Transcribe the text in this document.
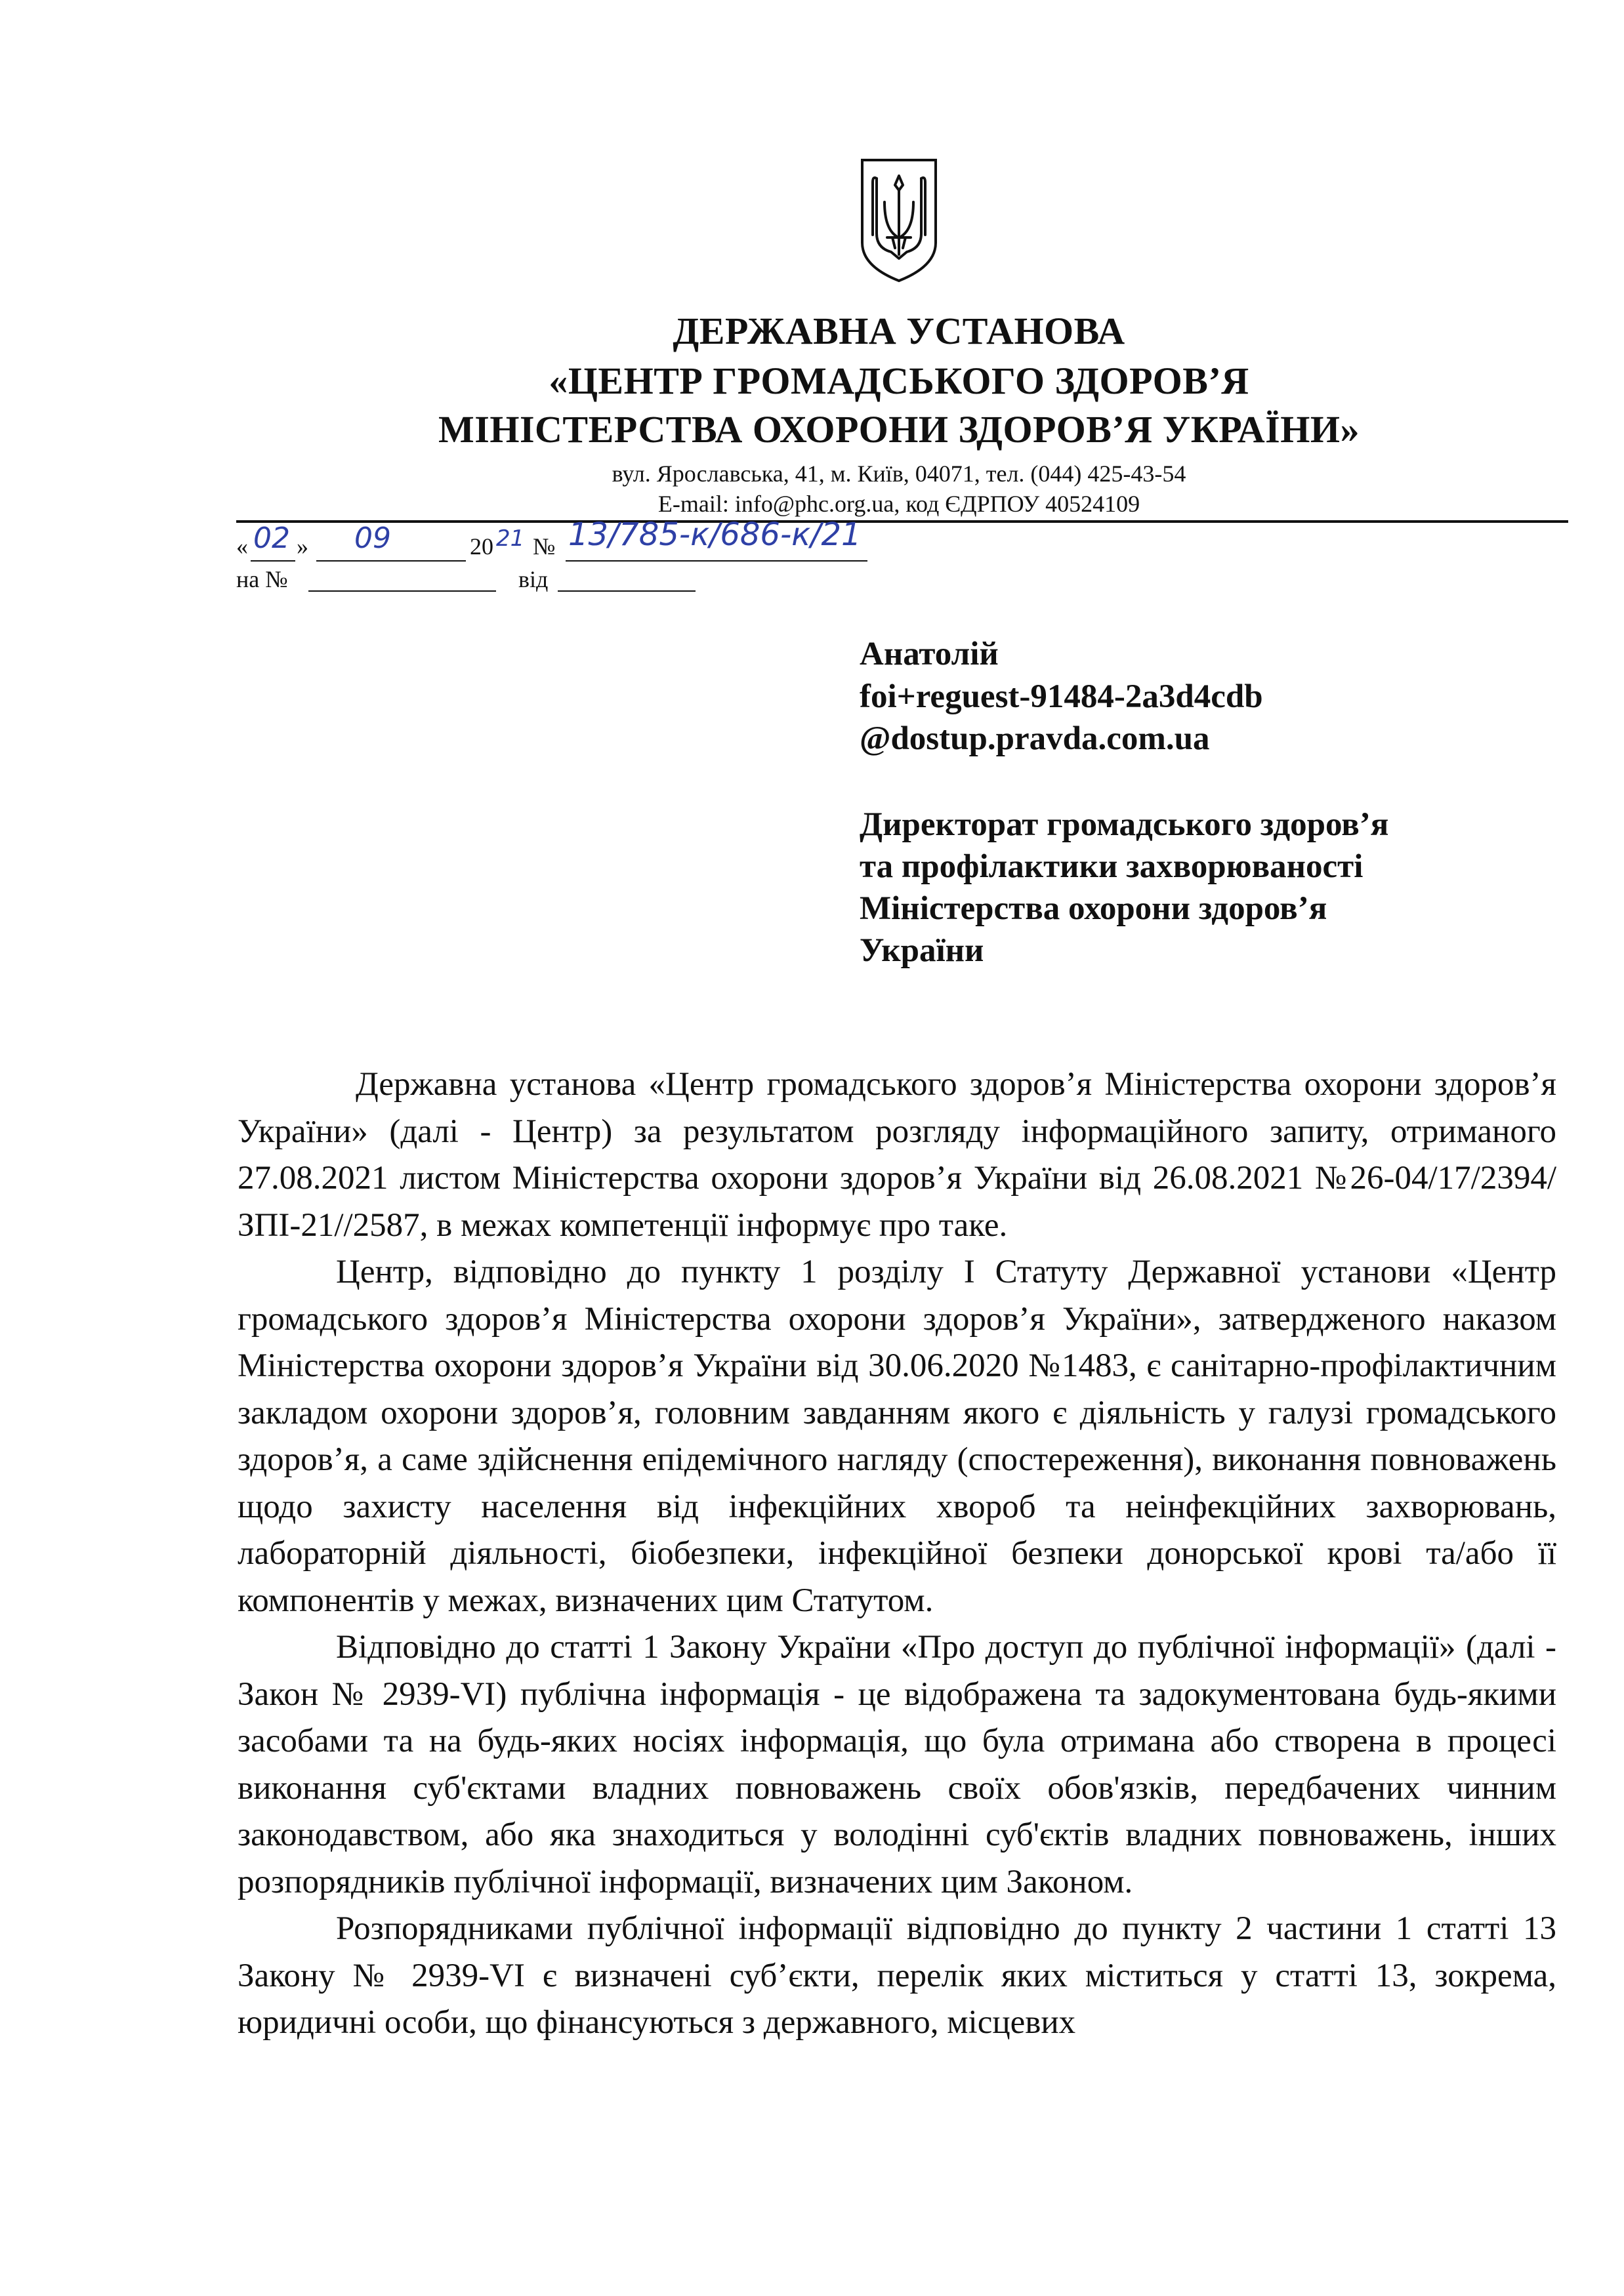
ДЕРЖАВНА УСТАНОВА
«ЦЕНТР ГРОМАДСЬКОГО ЗДОРОВ’Я
МІНІСТЕРСТВА ОХОРОНИ ЗДОРОВ’Я УКРАЇНИ»
вул. Ярославська, 41, м. Київ, 04071, тел. (044) 425-43-54
E-mail: info@phc.org.ua, код ЄДРПОУ 40524109
« 02 » 09	20 21 № 13/785-к/686-к/21
на №	від
Анатолій
foi+reguest-91484-2a3d4cdb
@dostup.pravda.com.ua
Директорат громадського здоров’я
та профілактики захворюваності
Міністерства охорони здоров’я
України

Державна установа «Центр громадського здоров’я Міністерства охорони здоров’я України» (далі - Центр) за результатом розгляду інформаційного запиту, отриманого 27.08.2021 листом Міністерства охорони здоров’я України від 26.08.2021 №26-04/17/2394/ЗПІ-21//2587, в межах компетенції інформує про таке.

Центр, відповідно до пункту 1 розділу І Статуту Державної установи «Центр громадського здоров’я Міністерства охорони здоров’я України», затвердженого наказом Міністерства охорони здоров’я України від 30.06.2020 №1483, є санітарно-профілактичним закладом охорони здоров’я, головним завданням якого є діяльність у галузі громадського здоров’я, а саме здійснення епідемічного нагляду (спостереження), виконання повноважень щодо захисту населення від інфекційних хвороб та неінфекційних захворювань, лабораторній діяльності, біобезпеки, інфекційної безпеки донорської крові та/або її компонентів у межах, визначених цим Статутом.

Відповідно до статті 1 Закону України «Про доступ до публічної інформації» (далі - Закон № 2939-VI) публічна інформація - це відображена та задокументована будь-якими засобами та на будь-яких носіях інформація, що була отримана або створена в процесі виконання суб'єктами владних повноважень своїх обов'язків, передбачених чинним законодавством, або яка знаходиться у володінні суб'єктів владних повноважень, інших розпорядників публічної інформації, визначених цим Законом.

Розпорядниками публічної інформації відповідно до пункту 2 частини 1 статті 13 Закону № 2939-VI є визначені суб’єкти, перелік яких міститься у статті 13, зокрема, юридичні особи, що фінансуються з державного, місцевих
